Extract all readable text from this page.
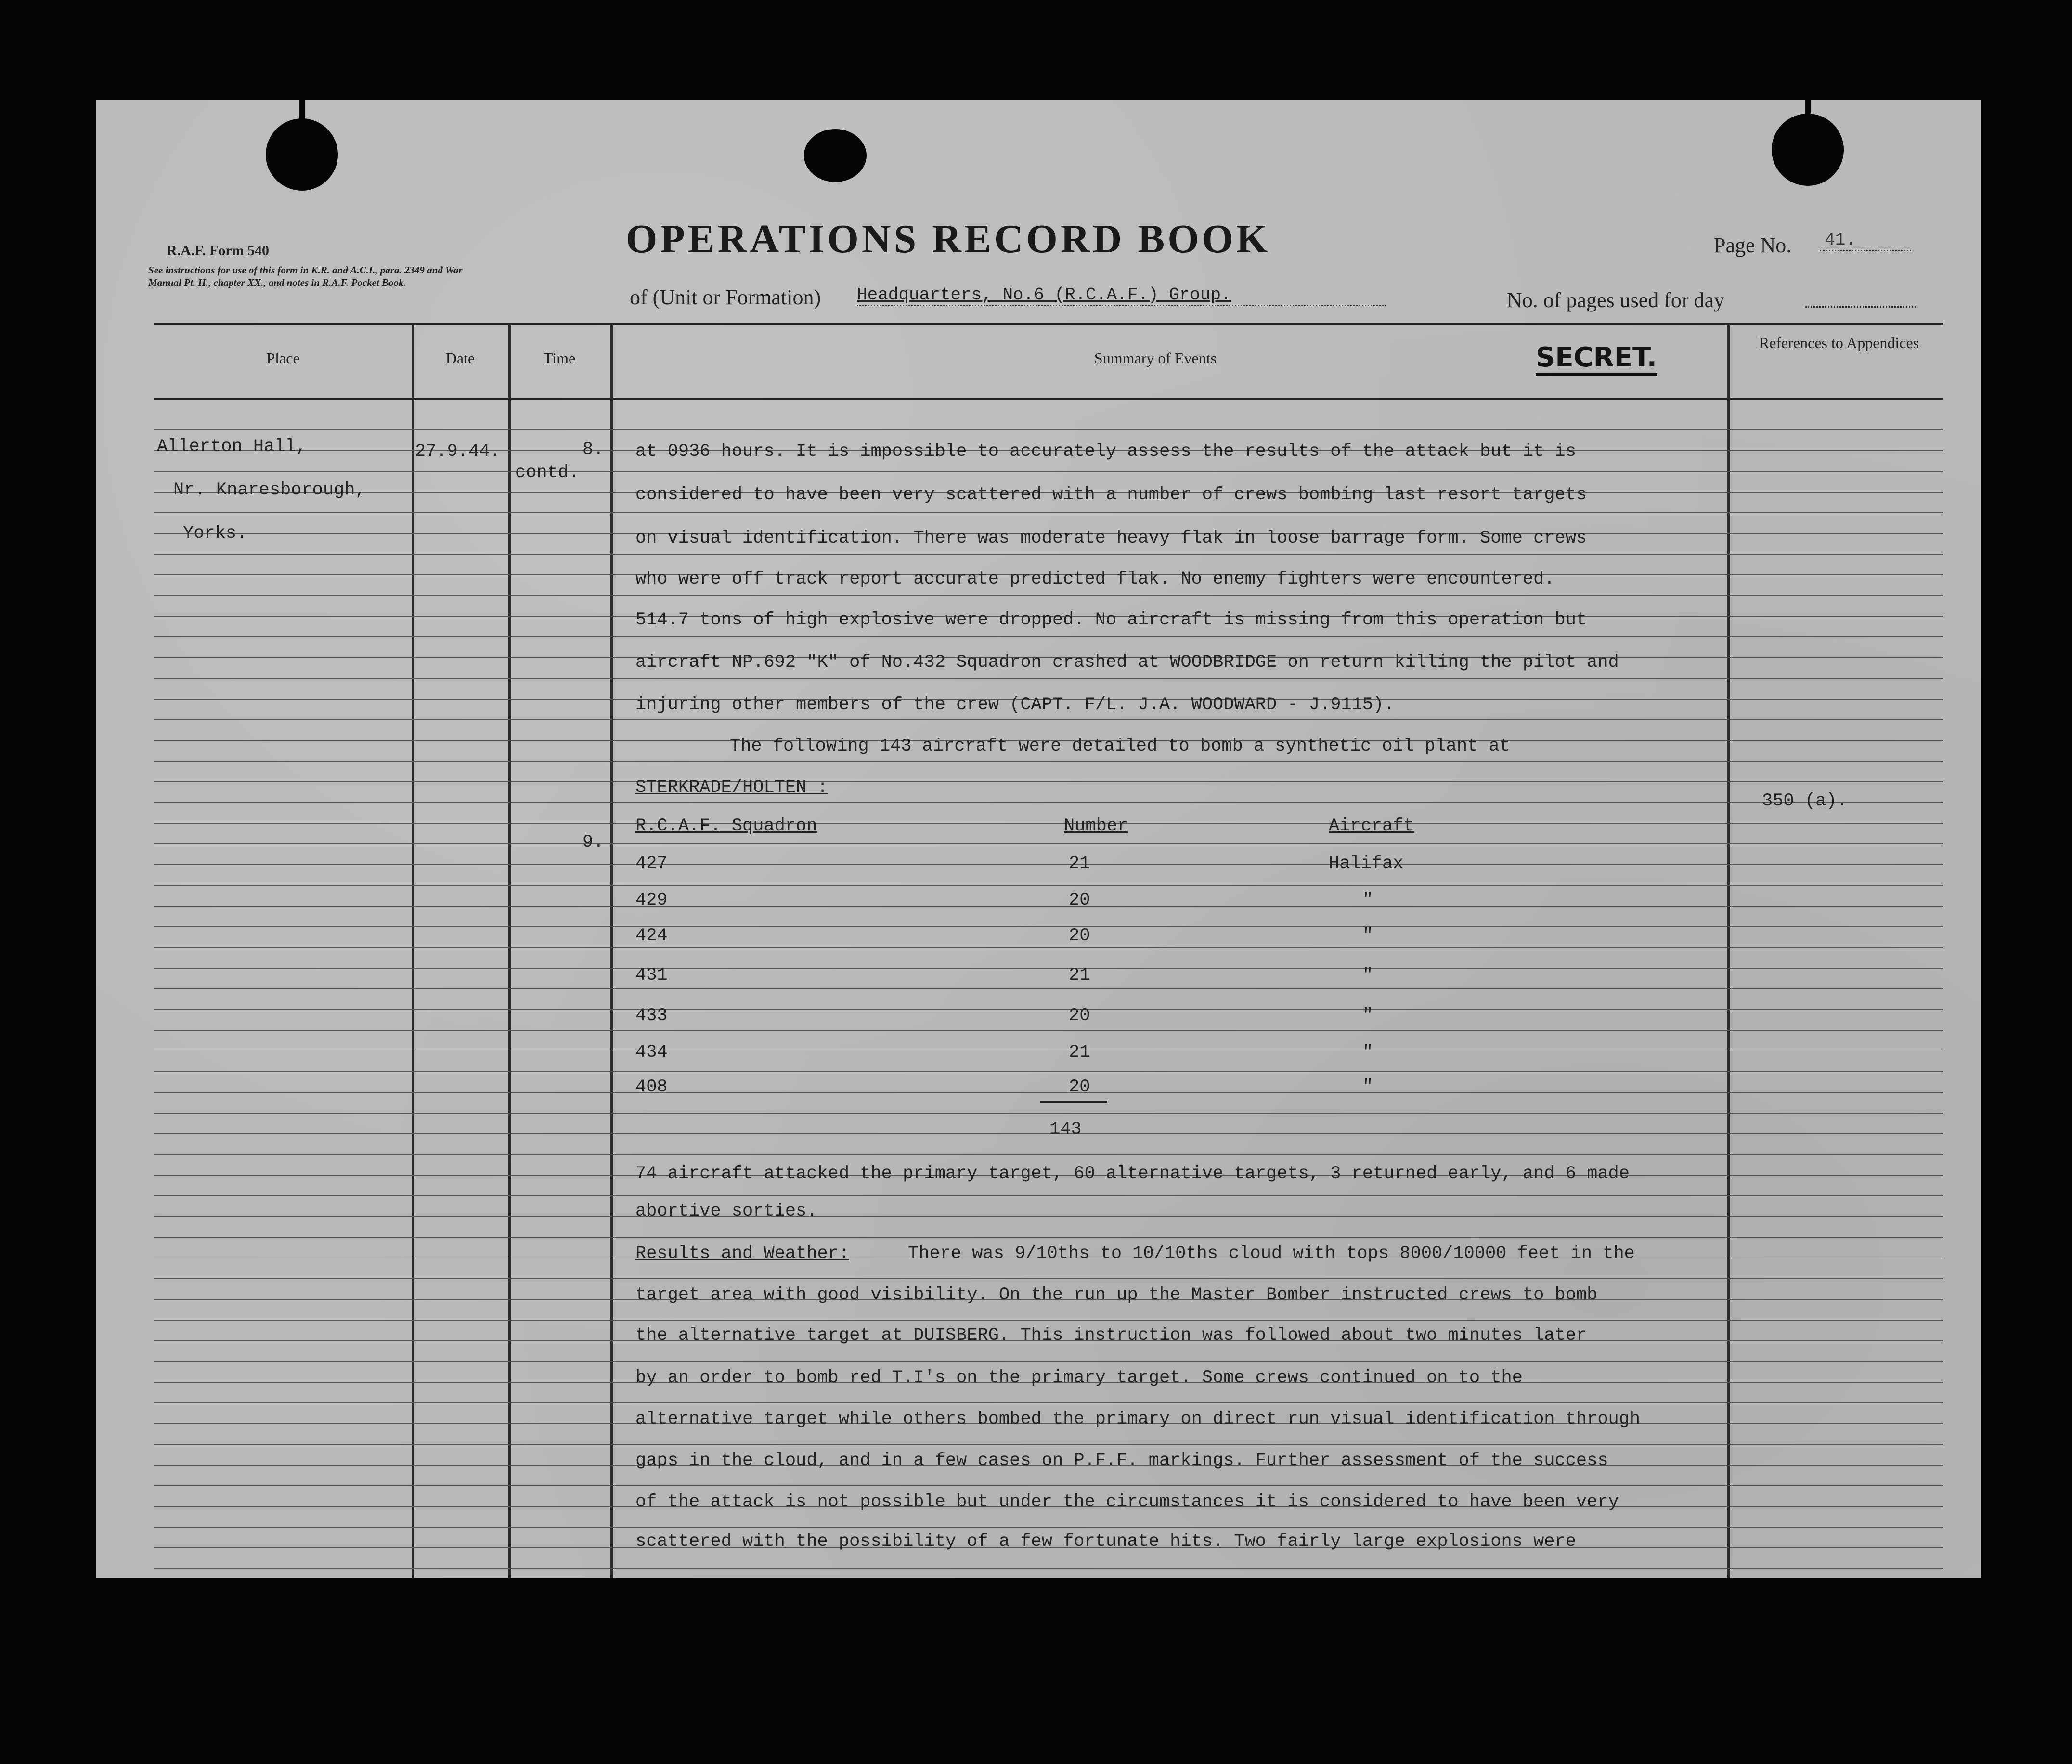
R.A.F. Form 540
See instructions for use of this form in K.R. and A.C.I., para. 2349 and War Manual Pt. II., chapter XX., and notes in R.A.F. Pocket Book.
OPERATIONS RECORD BOOK	Page No. 41.
of (Unit or Formation) Headquarters, No.6 (R.C.A.F.) Group.	No. of pages used for day
Place	Date	Time	Summary of Events	SECRET.	References to Appendices
Allerton Hall,
Nr. Knaresborough,
Yorks.
27.9.44.	8.
contd.
9.
350 (a).
at 0936 hours. It is impossible to accurately assess the results of the attack but it is
considered to have been very scattered with a number of crews bombing last resort targets
on visual identification. There was moderate heavy flak in loose barrage form. Some crews
who were off track report accurate predicted flak. No enemy fighters were encountered.
514.7 tons of high explosive were dropped. No aircraft is missing from this operation but
aircraft NP.692 "K" of No.432 Squadron crashed at WOODBRIDGE on return killing the pilot and
injuring other members of the crew (CAPT. F/L. J.A. WOODWARD - J.9115).
The following 143 aircraft were detailed to bomb a synthetic oil plant at
STERKRADE/HOLTEN :
R.C.A.F. Squadron	Number	Aircraft
427	21	Halifax
429	20	"
424	20	"
431	21	"
433	20	"
434	21	"
408	20	"
143
74 aircraft attacked the primary target, 60 alternative targets, 3 returned early, and 6 made
abortive sorties.
Results and Weather:	There was 9/10ths to 10/10ths cloud with tops 8000/10000 feet in the
target area with good visibility. On the run up the Master Bomber instructed crews to bomb
the alternative target at DUISBERG. This instruction was followed about two minutes later
by an order to bomb red T.I's on the primary target. Some crews continued on to the
alternative target while others bombed the primary on direct run visual identification through
gaps in the cloud, and in a few cases on P.F.F. markings. Further assessment of the success
of the attack is not possible but under the circumstances it is considered to have been very
scattered with the possibility of a few fortunate hits. Two fairly large explosions were
